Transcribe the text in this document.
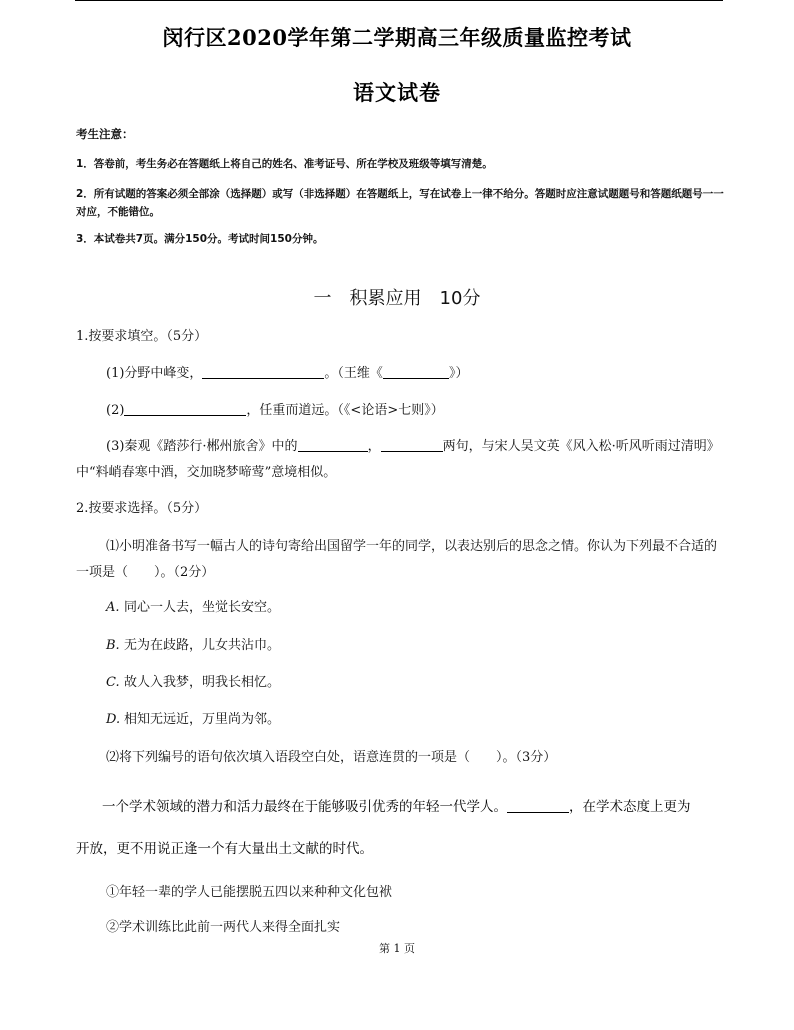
闵行区2020学年第二学期高三年级质量监控考试
语文试卷
考生注意：
1．答卷前，考生务必在答题纸上将自己的姓名、准考证号、所在学校及班级等填写清楚。
2．所有试题的答案必须全部涂（选择题）或写（非选择题）在答题纸上，写在试卷上一律不给分。答题时应注意试题题号和答题纸题号一一对应，不能错位。
3．本试卷共7页。满分150分。考试时间150分钟。
一　积累应用　10分
1.按要求填空。（5分）
(1)分野中峰变，	。（王维《	》）
(2)	，任重而道远。（《<论语>七则》）
(3)秦观《踏莎行·郴州旅舍》中的	，	两句，与宋人吴文英《风入松·听风听雨过清明》中“料峭春寒中酒，交加晓梦啼莺”意境相似。
2.按要求选择。（5分）
⑴小明准备书写一幅古人的诗句寄给出国留学一年的同学，以表达别后的思念之情。你认为下列最不合适的一项是（　　）。（2分）
A. 同心一人去，坐觉长安空。
B. 无为在歧路，儿女共沾巾。
C. 故人入我梦，明我长相忆。
D. 相知无远近，万里尚为邻。
⑵将下列编号的语句依次填入语段空白处，语意连贯的一项是（　　）。（3分）
一个学术领域的潜力和活力最终在于能够吸引优秀的年轻一代学人。	，在学术态度上更为
开放，更不用说正逢一个有大量出土文献的时代。
①年轻一辈的学人已能摆脱五四以来种种文化包袱
②学术训练比此前一两代人来得全面扎实
第 1 页
